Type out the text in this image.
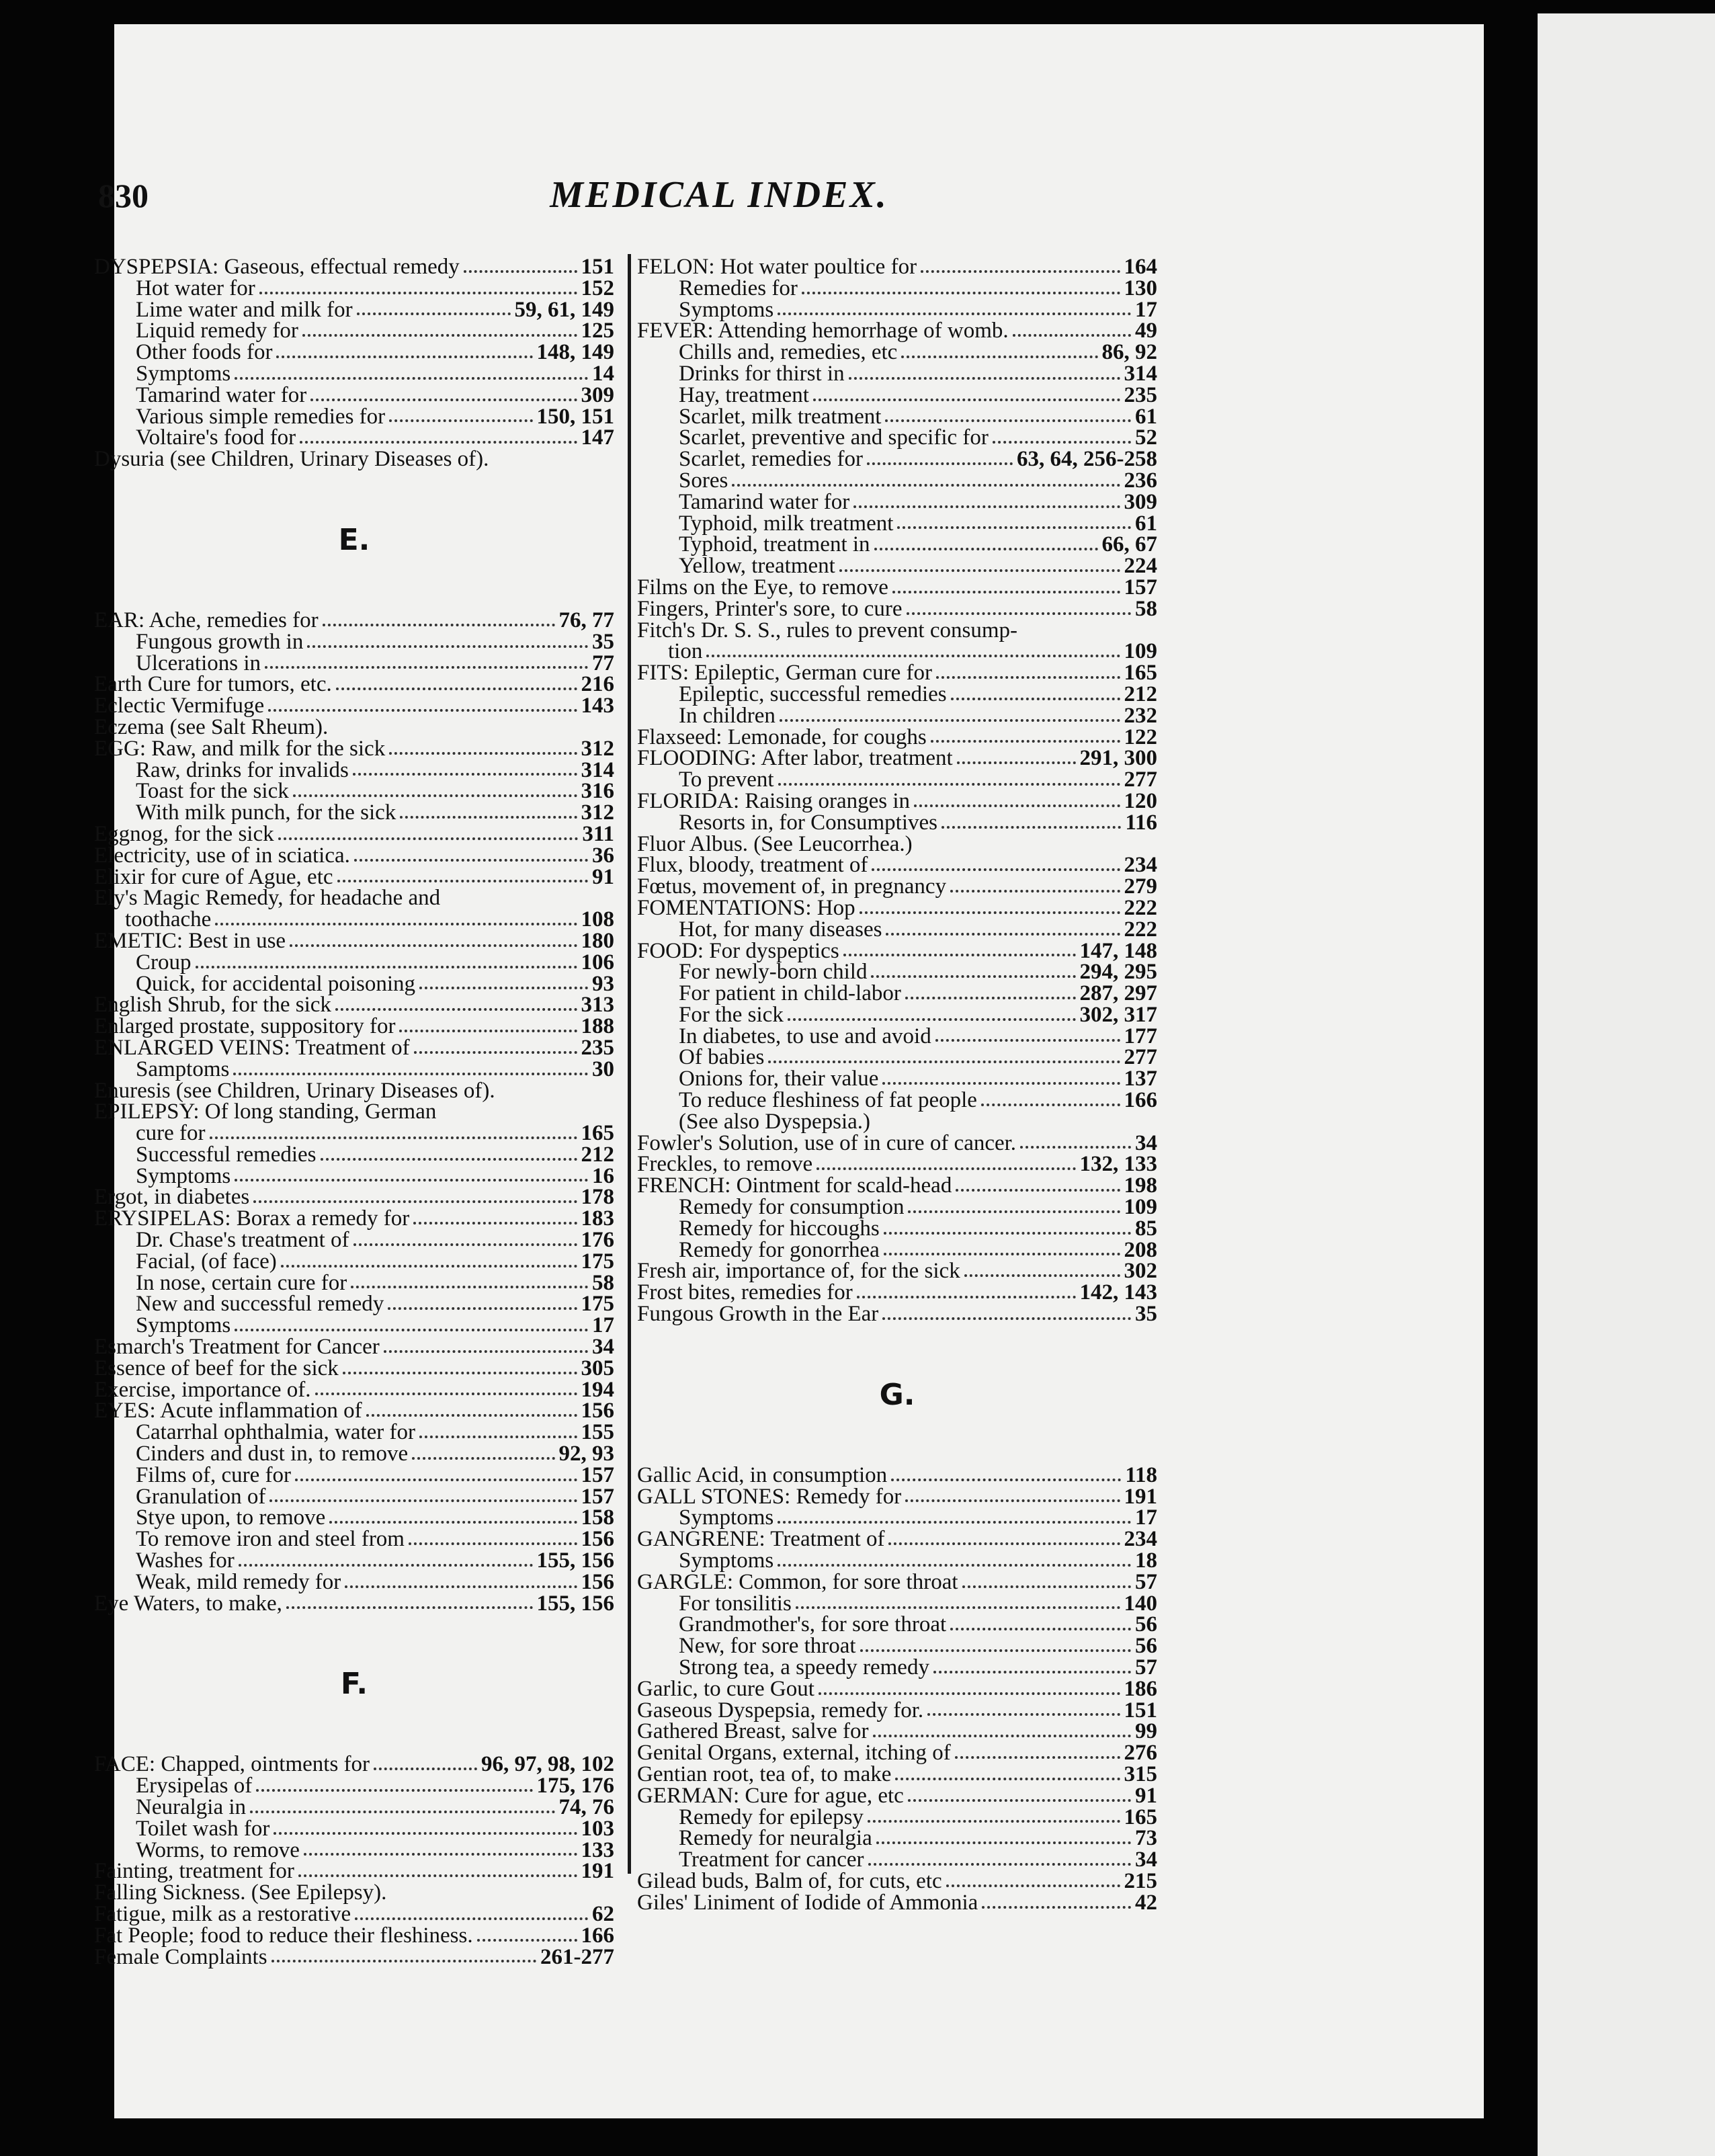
830	MEDICAL INDEX.
DYSPEPSIA: Gaseous, effectual remedy	151
Hot water for	152
Lime water and milk for	59, 61, 149
Liquid remedy for	125
Other foods for	148, 149
Symptoms	14
Tamarind water for	309
Various simple remedies for	150, 151
Voltaire's food for	147
Dysuria (see Children, Urinary Diseases of).
E.
EAR: Ache, remedies for	76, 77
Fungous growth in	35
Ulcerations in	77
Earth Cure for tumors, etc.	216
Eclectic Vermifuge	143
Eczema (see Salt Rheum).
EGG: Raw, and milk for the sick	312
Raw, drinks for invalids	314
Toast for the sick	316
With milk punch, for the sick	312
Eggnog, for the sick	311
Electricity, use of in sciatica.	36
Elixir for cure of Ague, etc	91
Ely's Magic Remedy, for headache and
toothache	108
EMETIC: Best in use	180
Croup	106
Quick, for accidental poisoning	93
English Shrub, for the sick	313
Enlarged prostate, suppository for	188
ENLARGED VEINS: Treatment of	235
Samptoms	30
Enuresis (see Children, Urinary Diseases of).
EPILEPSY: Of long standing, German
cure for	165
Successful remedies	212
Symptoms	16
Ergot, in diabetes	178
ERYSIPELAS: Borax a remedy for	183
Dr. Chase's treatment of	176
Facial, (of face)	175
In nose, certain cure for	58
New and successful remedy	175
Symptoms	17
Esmarch's Treatment for Cancer	34
Essence of beef for the sick	305
Exercise, importance of.	194
EYES: Acute inflammation of	156
Catarrhal ophthalmia, water for	155
Cinders and dust in, to remove	92, 93
Films of, cure for	157
Granulation of	157
Stye upon, to remove	158
To remove iron and steel from	156
Washes for	155, 156
Weak, mild remedy for	156
Eye Waters, to make,	155, 156
F.
FACE: Chapped, ointments for	96, 97, 98, 102
Erysipelas of	175, 176
Neuralgia in	74, 76
Toilet wash for	103
Worms, to remove	133
Fainting, treatment for	191
Falling Sickness. (See Epilepsy).
Fatigue, milk as a restorative	62
Fat People; food to reduce their fleshiness.	166
Female Complaints	261-277
FELON: Hot water poultice for	164
Remedies for	130
Symptoms	17
FEVER: Attending hemorrhage of womb.	49
Chills and, remedies, etc	86, 92
Drinks for thirst in	314
Hay, treatment	235
Scarlet, milk treatment	61
Scarlet, preventive and specific for	52
Scarlet, remedies for	63, 64, 256-258
Sores	236
Tamarind water for	309
Typhoid, milk treatment	61
Typhoid, treatment in	66, 67
Yellow, treatment	224
Films on the Eye, to remove	157
Fingers, Printer's sore, to cure	58
Fitch's Dr. S. S., rules to prevent consump-
tion	109
FITS: Epileptic, German cure for	165
Epileptic, successful remedies	212
In children	232
Flaxseed: Lemonade, for coughs	122
FLOODING: After labor, treatment	291, 300
To prevent	277
FLORIDA: Raising oranges in	120
Resorts in, for Consumptives	116
Fluor Albus. (See Leucorrhea.)
Flux, bloody, treatment of	234
Fœtus, movement of, in pregnancy	279
FOMENTATIONS: Hop	222
Hot, for many diseases	222
FOOD: For dyspeptics	147, 148
For newly-born child	294, 295
For patient in child-labor	287, 297
For the sick	302, 317
In diabetes, to use and avoid	177
Of babies	277
Onions for, their value	137
To reduce fleshiness of fat people	166
(See also Dyspepsia.)
Fowler's Solution, use of in cure of cancer.	34
Freckles, to remove	132, 133
FRENCH: Ointment for scald-head	198
Remedy for consumption	109
Remedy for hiccoughs	85
Remedy for gonorrhea	208
Fresh air, importance of, for the sick	302
Frost bites, remedies for	142, 143
Fungous Growth in the Ear	35
G.
Gallic Acid, in consumption	118
GALL STONES: Remedy for	191
Symptoms	17
GANGRENE: Treatment of	234
Symptoms	18
GARGLE: Common, for sore throat	57
For tonsilitis	140
Grandmother's, for sore throat	56
New, for sore throat	56
Strong tea, a speedy remedy	57
Garlic, to cure Gout	186
Gaseous Dyspepsia, remedy for.	151
Gathered Breast, salve for	99
Genital Organs, external, itching of	276
Gentian root, tea of, to make	315
GERMAN: Cure for ague, etc	91
Remedy for epilepsy	165
Remedy for neuralgia	73
Treatment for cancer	34
Gilead buds, Balm of, for cuts, etc	215
Giles' Liniment of Iodide of Ammonia	42
